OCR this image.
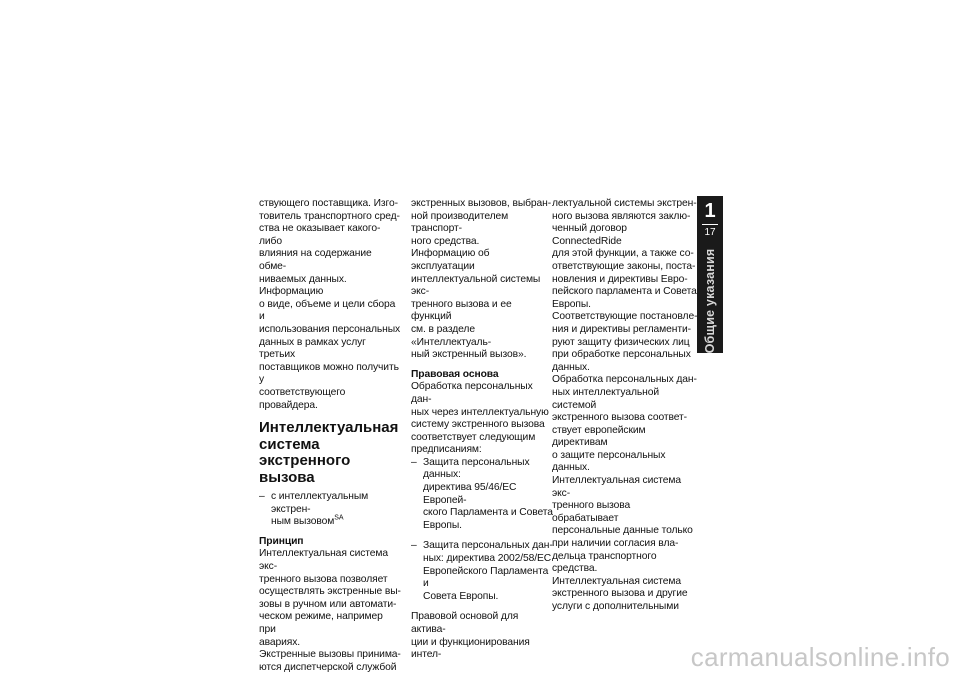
ствующего поставщика. Изго-
товитель транспортного сред-
ства не оказывает какого-либо
влияния на содержание обме-
ниваемых данных. Информацию
о виде, объеме и цели сбора и
использования персональных
данных в рамках услуг третьих
поставщиков можно получить у
соответствующего провайдера.

Интеллектуальная
система экстренного
вызова

– с интеллектуальным экстрен-
ным вызовом$^{SA}$

Принцип

Интеллектуальная система экс-
тренного вызова позволяет
осуществлять экстренные вы-
зовы в ручном или автомати-
ческом режиме, например при
авариях.

Экстренные вызовы принима-
ются диспетчерской службой

экстренных вызовов, выбран-
ной производителем транспорт-
ного средства.

Информацию об эксплуатации
интеллектуальной системы экс-
тренного вызова и ее функций
см. в разделе «Интеллектуаль-
ный экстренный вызов».

Правовая основа

Обработка персональных дан-
ных через интеллектуальную
систему экстренного вызова
соответствует следующим
предписаниям:

– Защита персональных данных:
директива 95/46/EC Европей-
ского Парламента и Совета
Европы.

– Защита персональных дан-
ных: директива 2002/58/EC
Европейского Парламента и
Совета Европы.

Правовой основой для актива-
ции и функционирования интел-

лектуальной системы экстрен-
ного вызова являются заклю-
ченный договор ConnectedRide
для этой функции, а также со-
ответствующие законы, поста-
новления и директивы Евро-
пейского парламента и Совета
Европы.

Соответствующие постановле-
ния и директивы регламенти-
руют защиту физических лиц
при обработке персональных
данных.

Обработка персональных дан-
ных интеллектуальной системой
экстренного вызова соответ-
ствует европейским директивам
о защите персональных данных.

Интеллектуальная система экс-
тренного вызова обрабатывает
персональные данные только
при наличии согласия вла-
дельца транспортного средства.

Интеллектуальная система
экстренного вызова и другие
услуги с дополнительными

1
17
Общие указания
carmanualsonline.info
